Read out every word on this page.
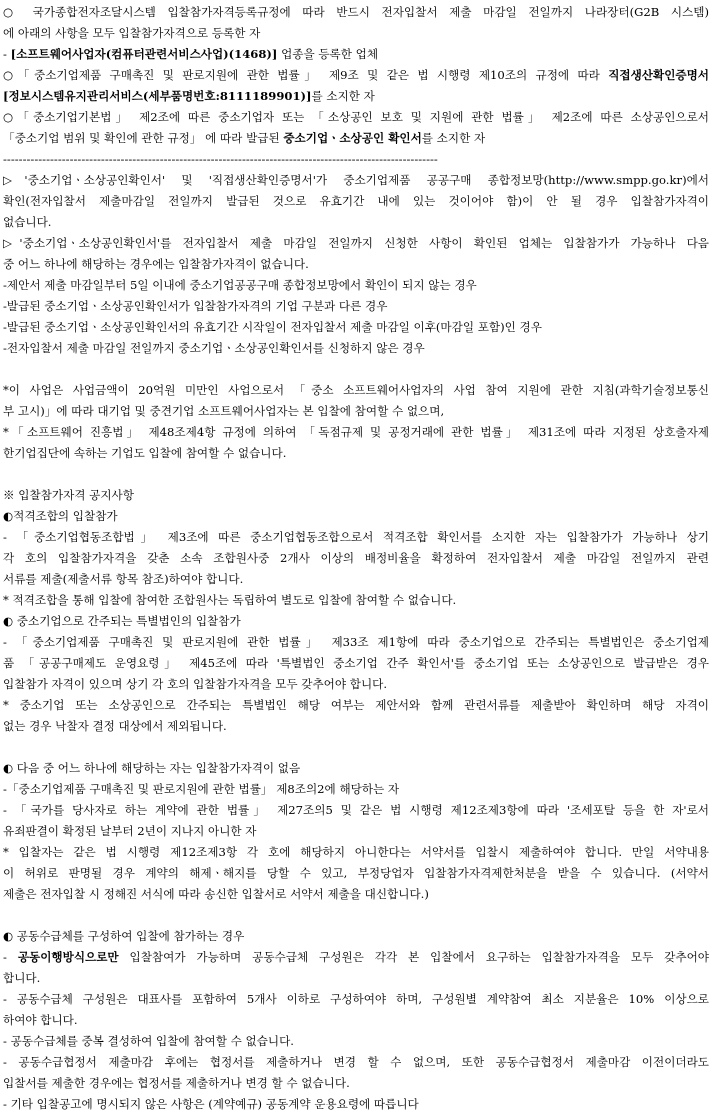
○ 국가종합전자조달시스템 입찰참가자격등록규정에 따라 반드시 전자입찰서 제출 마감일 전일까지 나라장터(G2B 시스템)
에 아래의 사항을 모두 입찰참가자격으로 등록한 자
- [소프트웨어사업자(컴퓨터관련서비스사업)(1468)] 업종을 등록한 업체
○「중소기업제품 구매촉진 및 판로지원에 관한 법률」 제9조 및 같은 법 시행령 제10조의 규정에 따라 직접생산확인증명서
[정보시스템유지관리서비스(세부품명번호:8111189901)]를 소지한 자
○「중소기업기본법」 제2조에 따른 중소기업자 또는 「소상공인 보호 및 지원에 관한 법률」 제2조에 따른 소상공인으로서
「중소기업 범위 및 확인에 관한 규정」 에 따라 발급된 중소기업ㆍ소상공인 확인서를 소지한 자
---------------------------------------------------------------------------------------------------------------
▷'중소기업ㆍ소상공인확인서' 및 '직접생산확인증명서'가 중소기업제품 공공구매 종합정보망(http://www.smpp.go.kr)에서
확인(전자입찰서 제출마감일 전일까지 발급된 것으로 유효기간 내에 있는 것이어야 함)이 안 될 경우 입찰참가자격이
없습니다.
▷'중소기업ㆍ소상공인확인서'를 전자입찰서 제출 마감일 전일까지 신청한 사항이 확인된 업체는 입찰참가가 가능하나 다음
중 어느 하나에 해당하는 경우에는 입찰참가자격이 없습니다.
-제안서 제출 마감일부터 5일 이내에 중소기업공공구매 종합정보망에서 확인이 되지 않는 경우
-발급된 중소기업ㆍ소상공인확인서가 입찰참가자격의 기업 구분과 다른 경우
-발급된 중소기업ㆍ소상공인확인서의 유효기간 시작일이 전자입찰서 제출 마감일 이후(마감일 포함)인 경우
-전자입찰서 제출 마감일 전일까지 중소기업ㆍ소상공인확인서를 신청하지 않은 경우
*이 사업은 사업금액이 20억원 미만인 사업으로서 「중소 소프트웨어사업자의 사업 참여 지원에 관한 지침(과학기술정보통신
부 고시)」에 따라 대기업 및 중견기업 소프트웨어사업자는 본 입찰에 참여할 수 없으며,
*「소프트웨어 진흥법」 제48조제4항 규정에 의하여 「독점규제 및 공정거래에 관한 법률」 제31조에 따라 지정된 상호출자제
한기업집단에 속하는 기업도 입찰에 참여할 수 없습니다.
※ 입찰참가자격 공지사항
◐적격조합의 입찰참가
- 「중소기업협동조합법」 제3조에 따른 중소기업협동조합으로서 적격조합 확인서를 소지한 자는 입찰참가가 가능하나 상기
각 호의 입찰참가자격을 갖춘 소속 조합원사중 2개사 이상의 배정비율을 확정하여 전자입찰서 제출 마감일 전일까지 관련
서류를 제출(제출서류 항목 참조)하여야 합니다.
* 적격조합을 통해 입찰에 참여한 조합원사는 독립하여 별도로 입찰에 참여할 수 없습니다.
◐ 중소기업으로 간주되는 특별법인의 입찰참가
- 「중소기업제품 구매촉진 및 판로지원에 관한 법률」 제33조 제1항에 따라 중소기업으로 간주되는 특별법인은 중소기업제
품 「공공구매제도 운영요령」 제45조에 따라 '특별법인 중소기업 간주 확인서'를 중소기업 또는 소상공인으로 발급받은 경우
입찰참가 자격이 있으며 상기 각 호의 입찰참가자격을 모두 갖추어야 합니다.
* 중소기업 또는 소상공인으로 간주되는 특별법인 해당 여부는 제안서와 함께 관련서류를 제출받아 확인하며 해당 자격이
없는 경우 낙찰자 결정 대상에서 제외됩니다.
◐ 다음 중 어느 하나에 해당하는 자는 입찰참가자격이 없음
-「중소기업제품 구매촉진 및 판로지원에 관한 법률」 제8조의2에 해당하는 자
- 「국가를 당사자로 하는 계약에 관한 법률」 제27조의5 및 같은 법 시행령 제12조제3항에 따라 '조세포탈 등을 한 자'로서
유죄판결이 확정된 날부터 2년이 지나지 아니한 자
* 입찰자는 같은 법 시행령 제12조제3항 각 호에 해당하지 아니한다는 서약서를 입찰시 제출하여야 합니다. 만일 서약내용
이 허위로 판명될 경우 계약의 해제ㆍ해지를 당할 수 있고, 부정당업자 입찰참가자격제한처분을 받을 수 있습니다. (서약서
제출은 전자입찰 시 정해진 서식에 따라 송신한 입찰서로 서약서 제출을 대신합니다.)
◐ 공동수급체를 구성하여 입찰에 참가하는 경우
- 공동이행방식으로만 입찰참여가 가능하며 공동수급체 구성원은 각각 본 입찰에서 요구하는 입찰참가자격을 모두 갖추어야
합니다.
- 공동수급체 구성원은 대표사를 포함하여 5개사 이하로 구성하여야 하며, 구성원별 계약참여 최소 지분율은 10% 이상으로
하여야 합니다.
- 공동수급체를 중복 결성하여 입찰에 참여할 수 없습니다.
- 공동수급협정서 제출마감 후에는 협정서를 제출하거나 변경 할 수 없으며, 또한 공동수급협정서 제출마감 이전이더라도
입찰서를 제출한 경우에는 협정서를 제출하거나 변경 할 수 없습니다.
- 기타 입찰공고에 명시되지 않은 사항은 (계약예규) 공동계약 운용요령에 따릅니다
